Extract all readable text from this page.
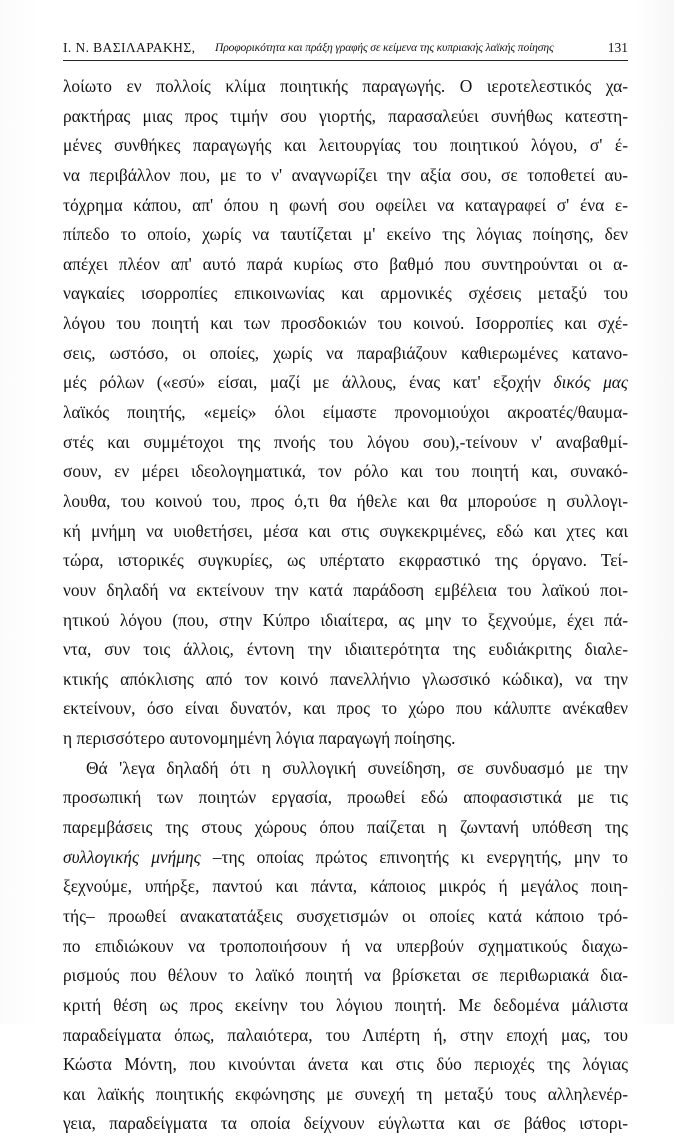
Ι. Ν. ΒΑΣΙΛΑΡΑΚΗΣ, Προφορικότητα και πράξη γραφής σε κείμενα της κυπριακής λαϊκής ποίησης	131
λοίωτο εν πολλοίς κλίμα ποιητικής παραγωγής. Ο ιεροτελεστικός χα-
ρακτήρας μιας προς τιμήν σου γιορτής, παρασαλεύει συνήθως κατεστη-
μένες συνθήκες παραγωγής και λειτουργίας του ποιητικού λόγου, σ' έ-
να περιβάλλον που, με το ν' αναγνωρίζει την αξία σου, σε τοποθετεί αυ-
τόχρημα κάπου, απ' όπου η φωνή σου οφείλει να καταγραφεί σ' ένα ε-
πίπεδο το οποίο, χωρίς να ταυτίζεται μ' εκείνο της λόγιας ποίησης, δεν
απέχει πλέον απ' αυτό παρά κυρίως στο βαθμό που συντηρούνται οι α-
ναγκαίες ισορροπίες επικοινωνίας και αρμονικές σχέσεις μεταξύ του
λόγου του ποιητή και των προσδοκιών του κοινού. Ισορροπίες και σχέ-
σεις, ωστόσο, οι οποίες, χωρίς να παραβιάζουν καθιερωμένες κατανο-
μές ρόλων («εσύ» είσαι, μαζί με άλλους, ένας κατ' εξοχήν δικός μας
λαϊκός ποιητής, «εμείς» όλοι είμαστε προνομιούχοι ακροατές/θαυμα-
στές και συμμέτοχοι της πνοής του λόγου σου),-τείνουν ν' αναβαθμί-
σουν, εν μέρει ιδεολογηματικά, τον ρόλο και του ποιητή και, συνακό-
λουθα, του κοινού του, προς ό,τι θα ήθελε και θα μπορούσε η συλλογι-
κή μνήμη να υιοθετήσει, μέσα και στις συγκεκριμένες, εδώ και χτες και
τώρα, ιστορικές συγκυρίες, ως υπέρτατο εκφραστικό της όργανο. Τεί-
νουν δηλαδή να εκτείνουν την κατά παράδοση εμβέλεια του λαϊκού ποι-
ητικού λόγου (που, στην Κύπρο ιδιαίτερα, ας μην το ξεχνούμε, έχει πά-
ντα, συν τοις άλλοις, έντονη την ιδιαιτερότητα της ευδιάκριτης διαλε-
κτικής απόκλισης από τον κοινό πανελλήνιο γλωσσικό κώδικα), να την
εκτείνουν, όσο είναι δυνατόν, και προς το χώρο που κάλυπτε ανέκαθεν
η περισσότερο αυτονομημένη λόγια παραγωγή ποίησης.
Θά 'λεγα δηλαδή ότι η συλλογική συνείδηση, σε συνδυασμό με την
προσωπική των ποιητών εργασία, προωθεί εδώ αποφασιστικά με τις
παρεμβάσεις της στους χώρους όπου παίζεται η ζωντανή υπόθεση της
συλλογικής μνήμης –της οποίας πρώτος επινοητής κι ενεργητής, μην το
ξεχνούμε, υπήρξε, παντού και πάντα, κάποιος μικρός ή μεγάλος ποιη-
τής– προωθεί ανακατατάξεις συσχετισμών οι οποίες κατά κάποιο τρό-
πο επιδιώκουν να τροποποιήσουν ή να υπερβούν σχηματικούς διαχω-
ρισμούς που θέλουν το λαϊκό ποιητή να βρίσκεται σε περιθωριακά δια-
κριτή θέση ως προς εκείνην του λόγιου ποιητή. Με δεδομένα μάλιστα
παραδείγματα όπως, παλαιότερα, του Λιπέρτη ή, στην εποχή μας, του
Κώστα Μόντη, που κινούνται άνετα και στις δύο περιοχές της λόγιας
και λαϊκής ποιητικής εκφώνησης με συνεχή τη μεταξύ τους αλληλενέρ-
γεια, παραδείγματα τα οποία δείχνουν εύγλωττα και σε βάθος ιστορι-
